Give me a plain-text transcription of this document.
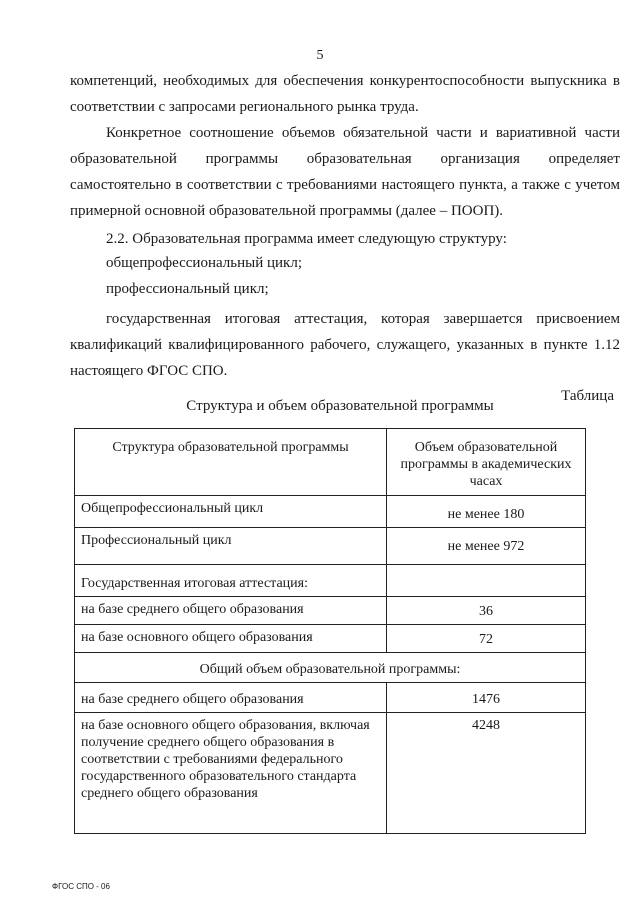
5

компетенций, необходимых для обеспечения конкурентоспособности выпускника в соответствии с запросами регионального рынка труда.

Конкретное соотношение объемов обязательной части и вариативной части образовательной программы образовательная организация определяет самостоятельно в соответствии с требованиями настоящего пункта, а также с учетом примерной основной образовательной программы (далее – ПООП).

2.2. Образовательная программа имеет следующую структуру:
общепрофессиональный цикл;
профессиональный цикл;

государственная итоговая аттестация, которая завершается присвоением квалификаций квалифицированного рабочего, служащего, указанных в пункте 1.12 настоящего ФГОС СПО.

Таблица
Структура и объем образовательной программы
Структура образовательной программы	Объем образовательной программы в академических часах
Общепрофессиональный цикл	не менее 180
Профессиональный цикл	не менее 972
Государственная итоговая аттестация:	
на базе среднего общего образования	36
на базе основного общего образования	72
Общий объем образовательной программы:	
на базе среднего общего образования	1476
на базе основного общего образования, включая получение среднего общего образования в соответствии с требованиями федерального государственного образовательного стандарта среднего общего образования	4248
ФГОС СПО - 06
